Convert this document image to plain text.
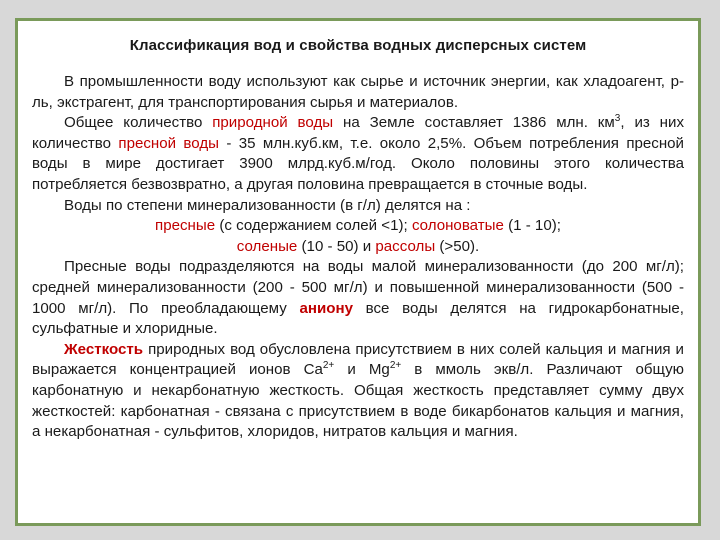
Классификация вод и свойства водных дисперсных систем

В промышленности воду используют как сырье и источник энергии, как хладоагент, р-ль, экстрагент, для транспортирования сырья и материалов.

Общее количество природной воды на Земле составляет 1386 млн. $км^3$, из них количество пресной воды - 35 млн.куб.км, т.е. около 2,5%. Объем потребления пресной воды в мире достигает 3900 млрд.куб.м/год. Около половины этого количества потребляется безвозвратно, а другая половина превращается в сточные воды.

Воды по степени минерализованности (в г/л) делятся на :

пресные (с содержанием солей <1); солоноватые (1 - 10);

соленые (10 - 50) и рассолы (>50).

Пресные воды подразделяются на воды малой минерализованности (до 200 мг/л); средней минерализованности (200 - 500 мг/л) и повышенной минерализованности (500 - 1000 мг/л). По преобладающему аниону все воды делятся на гидрокарбонатные, сульфатные и хлоридные.

Жесткость природных вод обусловлена присутствием в них солей кальция и магния и выражается концентрацией ионов $Ca^{2+}$ и $Mg^{2+}$ в ммоль экв/л. Различают общую карбонатную и некарбонатную жесткость. Общая жесткость представляет сумму двух жесткостей: карбонатная - связана с присутствием в воде бикарбонатов кальция и магния, а некарбонатная - сульфитов, хлоридов, нитратов кальция и магния.
